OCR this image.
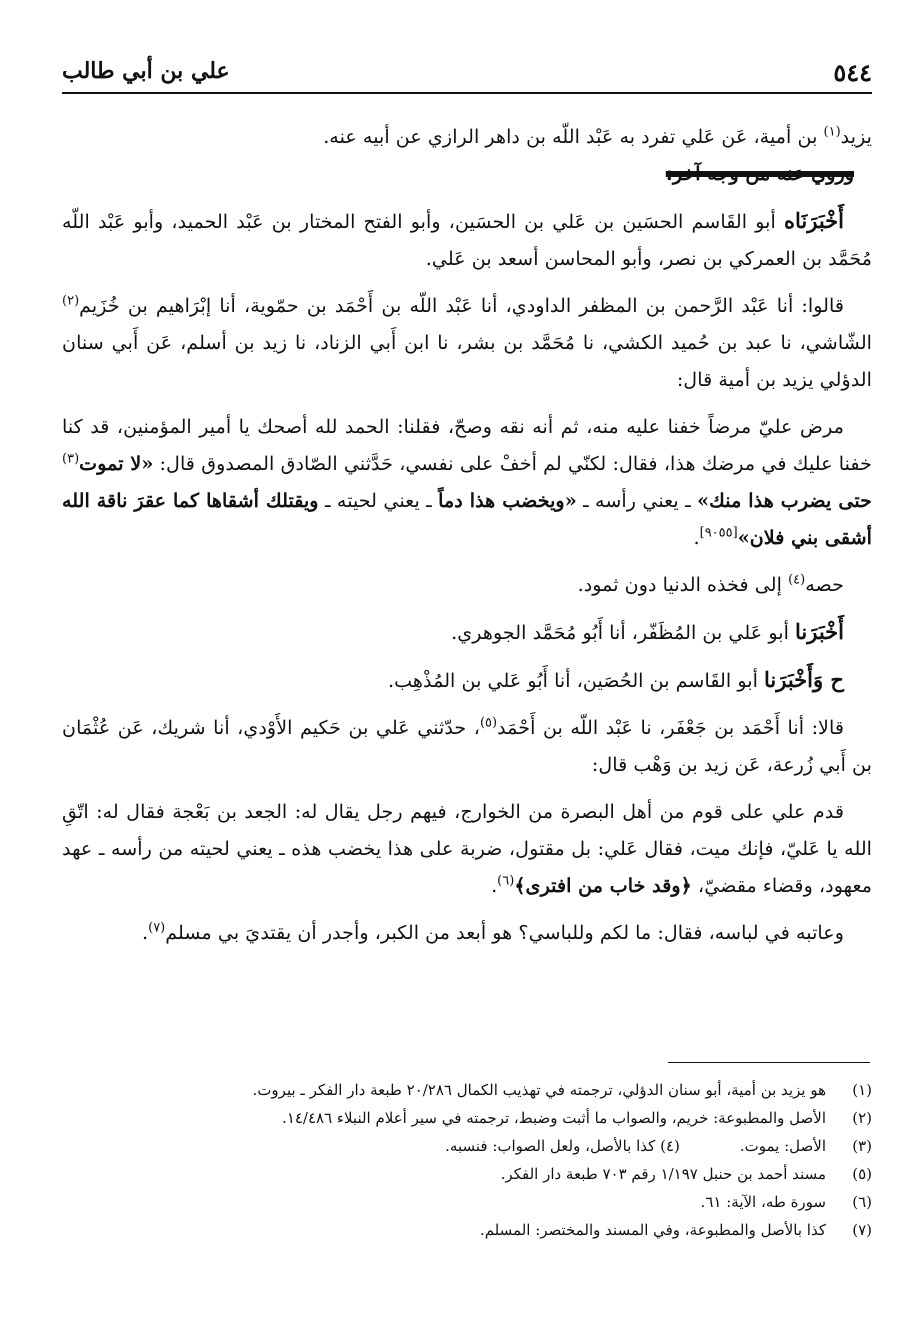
٥٤٤
علي بن أبي طالب

يزيد$^{(١)}$ بن أمية، عَن عَلي تفرد به عَبْد اللّه بن داهر الرازي عن أبيه عنه.

وروي عنه من وجه آخر:

أَخْبَرَنَاه أبو القَاسم الحسَين بن عَلي بن الحسَين، وأبو الفتح المختار بن عَبْد الحميد، وأبو عَبْد اللّه مُحَمَّد بن العمركي بن نصر، وأبو المحاسن أسعد بن عَلي.

قالوا: أنا عَبْد الرَّحمن بن المظفر الداودي، أنا عَبْد اللّه بن أَحْمَد بن حمّوية، أنا إبْرَاهيم بن خُزَيم$^{(٢)}$ الشّاشي، نا عبد بن حُميد الكشي، نا مُحَمَّد بن بشر، نا ابن أَبي الزناد، نا زيد بن أسلم، عَن أَبي سنان الدؤلي يزيد بن أمية قال:

مرض عليّ مرضاً خفنا عليه منه، ثم أنه نقه وصحّ، فقلنا: الحمد لله أصحك يا أمير المؤمنين، قد كنا خفنا عليك في مرضك هذا، فقال: لكنّي لم أخفْ على نفسي، حَدَّثني الصّادق المصدوق قال: «لا تموت$^{(٣)}$ حتى يضرب هذا منك» ـ يعني رأسه ـ «ويخضب هذا دماً ـ يعني لحيته ـ ويقتلك أشقاها كما عقرَ ناقة الله أشقى بني فلان»[٩٠٥٥].

حصه$^{(٤)}$ إلى فخذه الدنيا دون ثمود.

أَخْبَرَنا أبو عَلي بن المُظَفّر، أنا أَبُو مُحَمَّد الجوهري.

ح وَأَخْبَرَنا أبو القَاسم بن الحُصَين، أنا أَبُو عَلي بن المُذْهِب.

قالا: أنا أَحْمَد بن جَعْفَر، نا عَبْد اللّه بن أَحْمَد$^{(٥)}$، حدّثني عَلي بن حَكيم الأَوْدي، أنا شريك، عَن عُثْمَان بن أَبي زُرعة، عَن زيد بن وَهْب قال:

قدم علي على قوم من أهل البصرة من الخوارج، فيهم رجل يقال له: الجعد بن بَعْجة فقال له: اتّقِ الله يا عَليّ، فإنك ميت، فقال عَلي: بل مقتول، ضربة على هذا يخضب هذه ـ يعني لحيته من رأسه ـ عهد معهود، وقضاء مقضيّ، ﴿وقد خاب من افترى﴾$^{(٦)}$.

وعاتبه في لباسه، فقال: ما لكم وللباسي؟ هو أبعد من الكبر، وأجدر أن يقتديَ بي مسلم$^{(٧)}$.

(١)
هو يزيد بن أمية، أبو سنان الدؤلي، ترجمته في تهذيب الكمال ٢٠/٢٨٦ طبعة دار الفكر ـ بيروت.
(٢)
الأصل والمطبوعة: خريم، والصواب ما أثبت وضبط، ترجمته في سير أعلام النبلاء ١٤/٤٨٦.
(٣)
الأصل: يموت.(٤) كذا بالأصل، ولعل الصواب: فنسبه.
(٥)
مسند أحمد بن حنبل ١/١٩٧ رقم ٧٠٣ طبعة دار الفكر.
(٦)
سورة طه، الآية: ٦١.
(٧)
كذا بالأصل والمطبوعة، وفي المسند والمختصر: المسلم.
